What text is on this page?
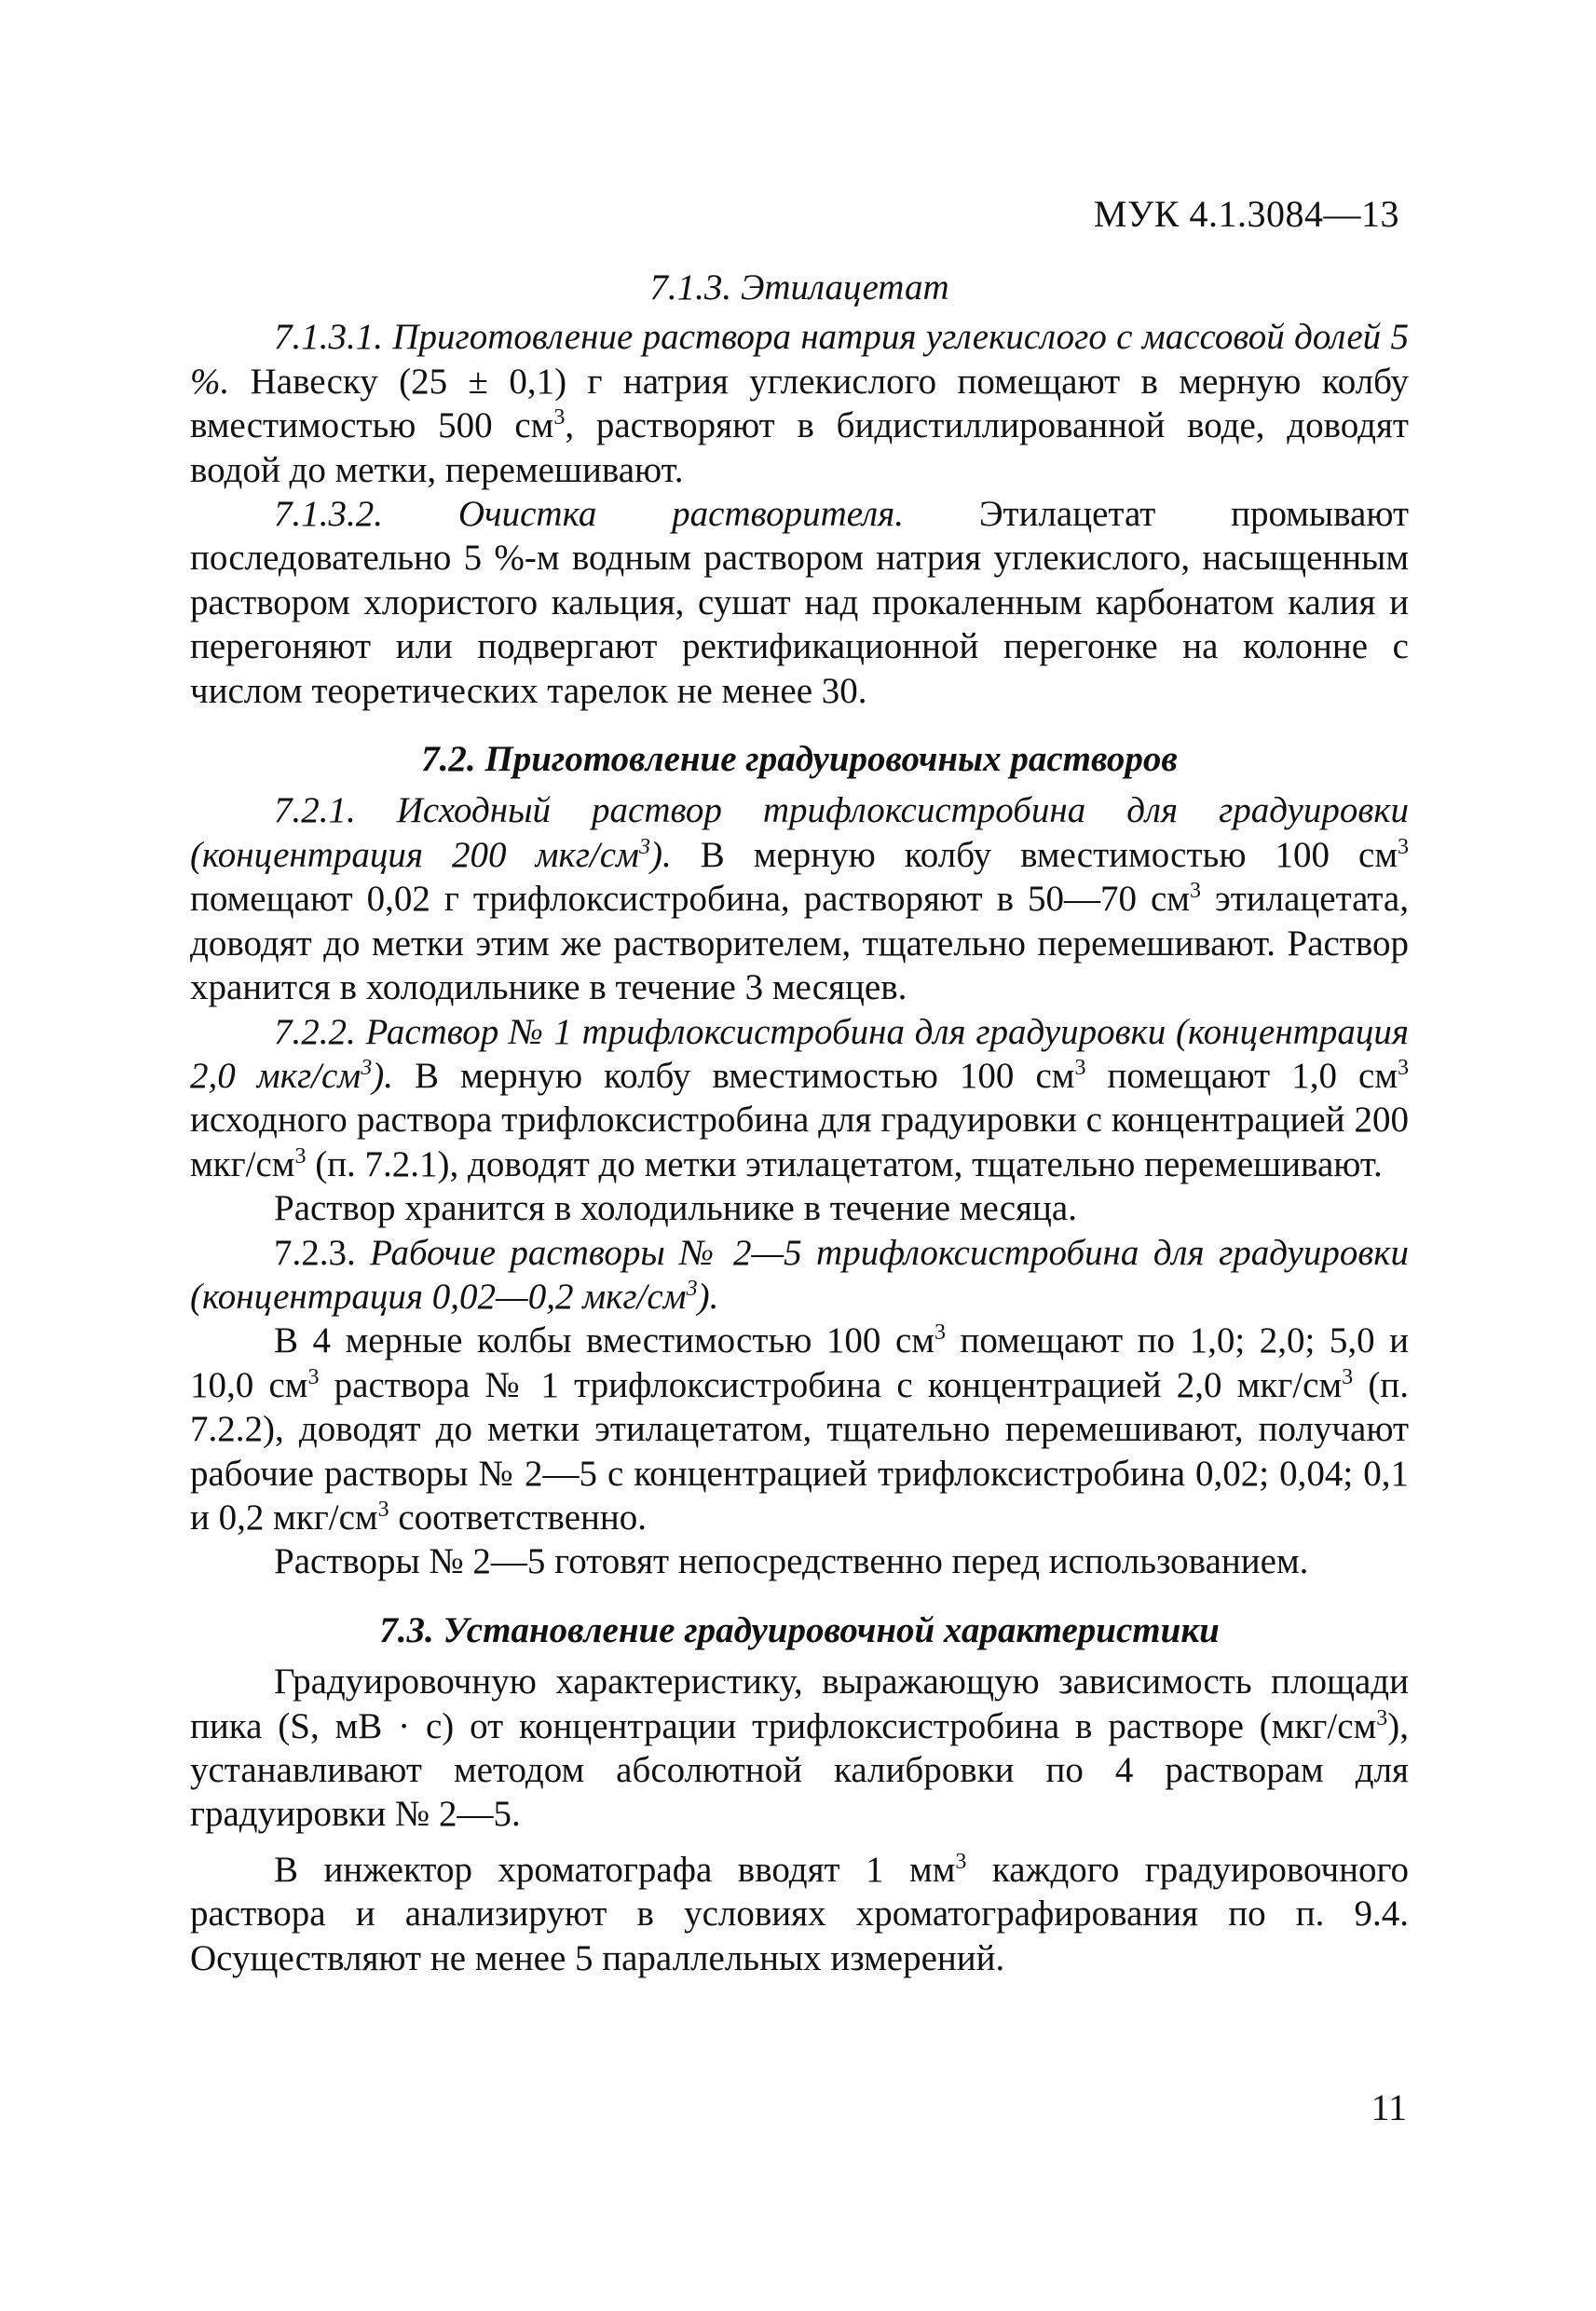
МУК 4.1.3084—13

7.1.3. Этилацетат

7.1.3.1. Приготовление раствора натрия углекислого с массовой долей 5 %. Навеску (25 ± 0,1) г натрия углекислого помещают в мерную колбу вместимостью 500 $см^3$, растворяют в бидистиллированной воде, доводят водой до метки, перемешивают.

7.1.3.2. Очистка растворителя. Этилацетат промывают последовательно 5 %-м водным раствором натрия углекислого, насыщенным раствором хлористого кальция, сушат над прокаленным карбонатом калия и перегоняют или подвергают ректификационной перегонке на колонне с числом теоретических тарелок не менее 30.

7.2. Приготовление градуировочных растворов

7.2.1. Исходный раствор трифлоксистробина для градуировки (концентрация 200 мкг/$см^3$). В мерную колбу вместимостью 100 $см^3$ помещают 0,02 г трифлоксистробина, растворяют в 50—70 $см^3$ этилацетата, доводят до метки этим же растворителем, тщательно перемешивают. Раствор хранится в холодильнике в течение 3 месяцев.

7.2.2. Раствор № 1 трифлоксистробина для градуировки (концентрация 2,0 мкг/$см^3$). В мерную колбу вместимостью 100 $см^3$ помещают 1,0 $см^3$ исходного раствора трифлоксистробина для градуировки с концентрацией 200 мкг/$см^3$ (п. 7.2.1), доводят до метки этилацетатом, тщательно перемешивают.

Раствор хранится в холодильнике в течение месяца.

7.2.3. Рабочие растворы № 2—5 трифлоксистробина для градуировки (концентрация 0,02—0,2 мкг/$см^3$).

В 4 мерные колбы вместимостью 100 $см^3$ помещают по 1,0; 2,0; 5,0 и 10,0 $см^3$ раствора № 1 трифлоксистробина с концентрацией 2,0 мкг/$см^3$ (п. 7.2.2), доводят до метки этилацетатом, тщательно перемешивают, получают рабочие растворы № 2—5 с концентрацией трифлоксистробина 0,02; 0,04; 0,1 и 0,2 мкг/$см^3$ соответственно.

Растворы № 2—5 готовят непосредственно перед использованием.

7.3. Установление градуировочной характеристики

Градуировочную характеристику, выражающую зависимость площади пика (S, мВ · с) от концентрации трифлоксистробина в растворе $(мкг/см^3)$, устанавливают методом абсолютной калибровки по 4 растворам для градуировки № 2—5.

В инжектор хроматографа вводят 1 $мм^3$ каждого градуировочного раствора и анализируют в условиях хроматографирования по п. 9.4. Осуществляют не менее 5 параллельных измерений.

11
